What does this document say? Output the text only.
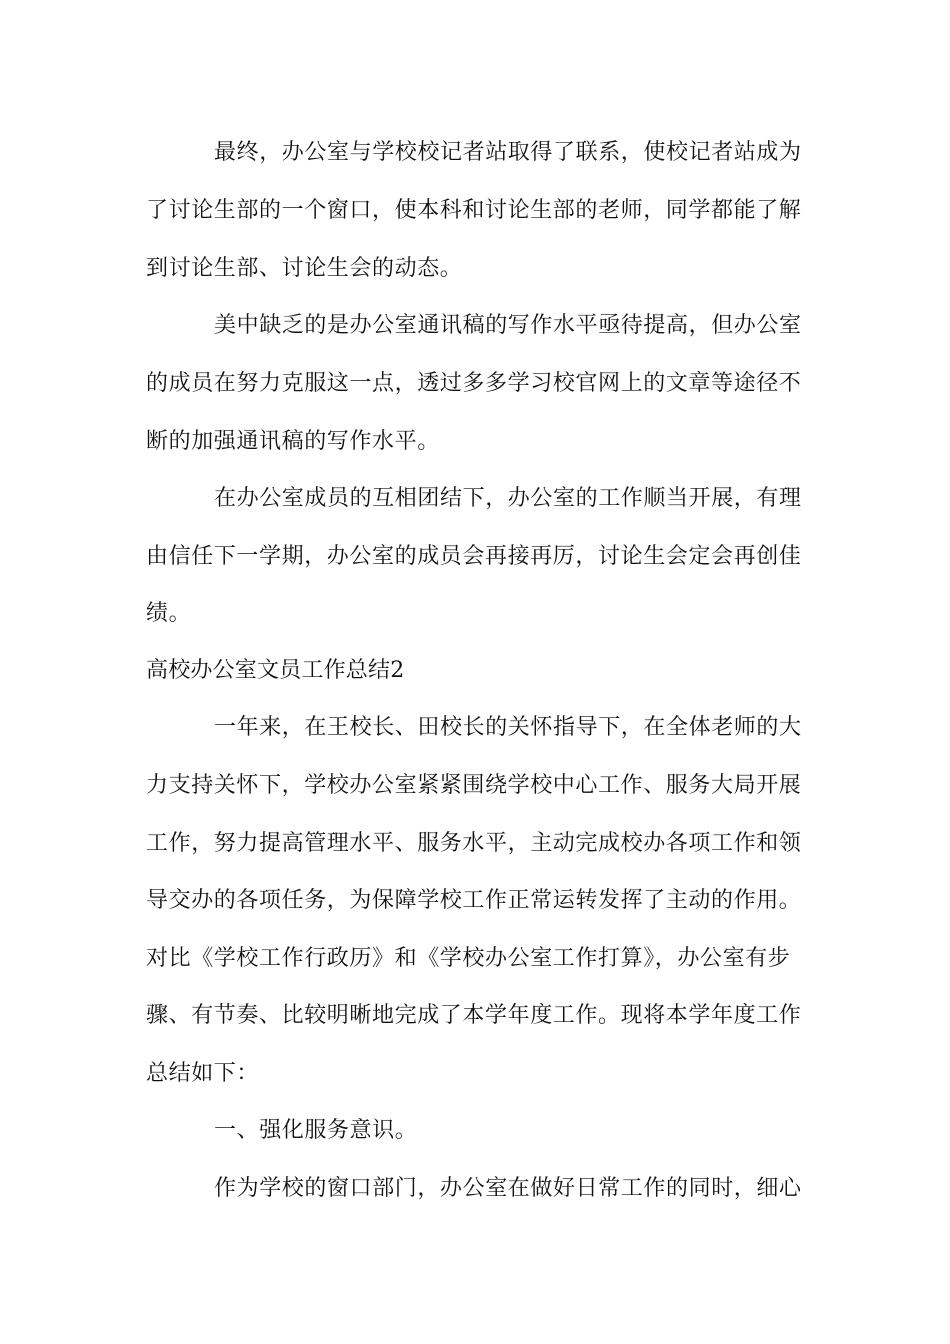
最终，办公室与学校校记者站取得了联系，使校记者站成为

了讨论生部的一个窗口，使本科和讨论生部的老师，同学都能了解

到讨论生部、讨论生会的动态。

美中缺乏的是办公室通讯稿的写作水平亟待提高，但办公室

的成员在努力克服这一点，透过多多学习校官网上的文章等途径不

断的加强通讯稿的写作水平。

在办公室成员的互相团结下，办公室的工作顺当开展，有理

由信任下一学期，办公室的成员会再接再厉，讨论生会定会再创佳

绩。

高校办公室文员工作总结2

一年来，在王校长、田校长的关怀指导下，在全体老师的大

力支持关怀下，学校办公室紧紧围绕学校中心工作、服务大局开展

工作，努力提高管理水平、服务水平，主动完成校办各项工作和领

导交办的各项任务，为保障学校工作正常运转发挥了主动的作用。

对比《学校工作行政历》和《学校办公室工作打算》，办公室有步

骤、有节奏、比较明晰地完成了本学年度工作。现将本学年度工作

总结如下：

一、强化服务意识。

作为学校的窗口部门，办公室在做好日常工作的同时，细心
